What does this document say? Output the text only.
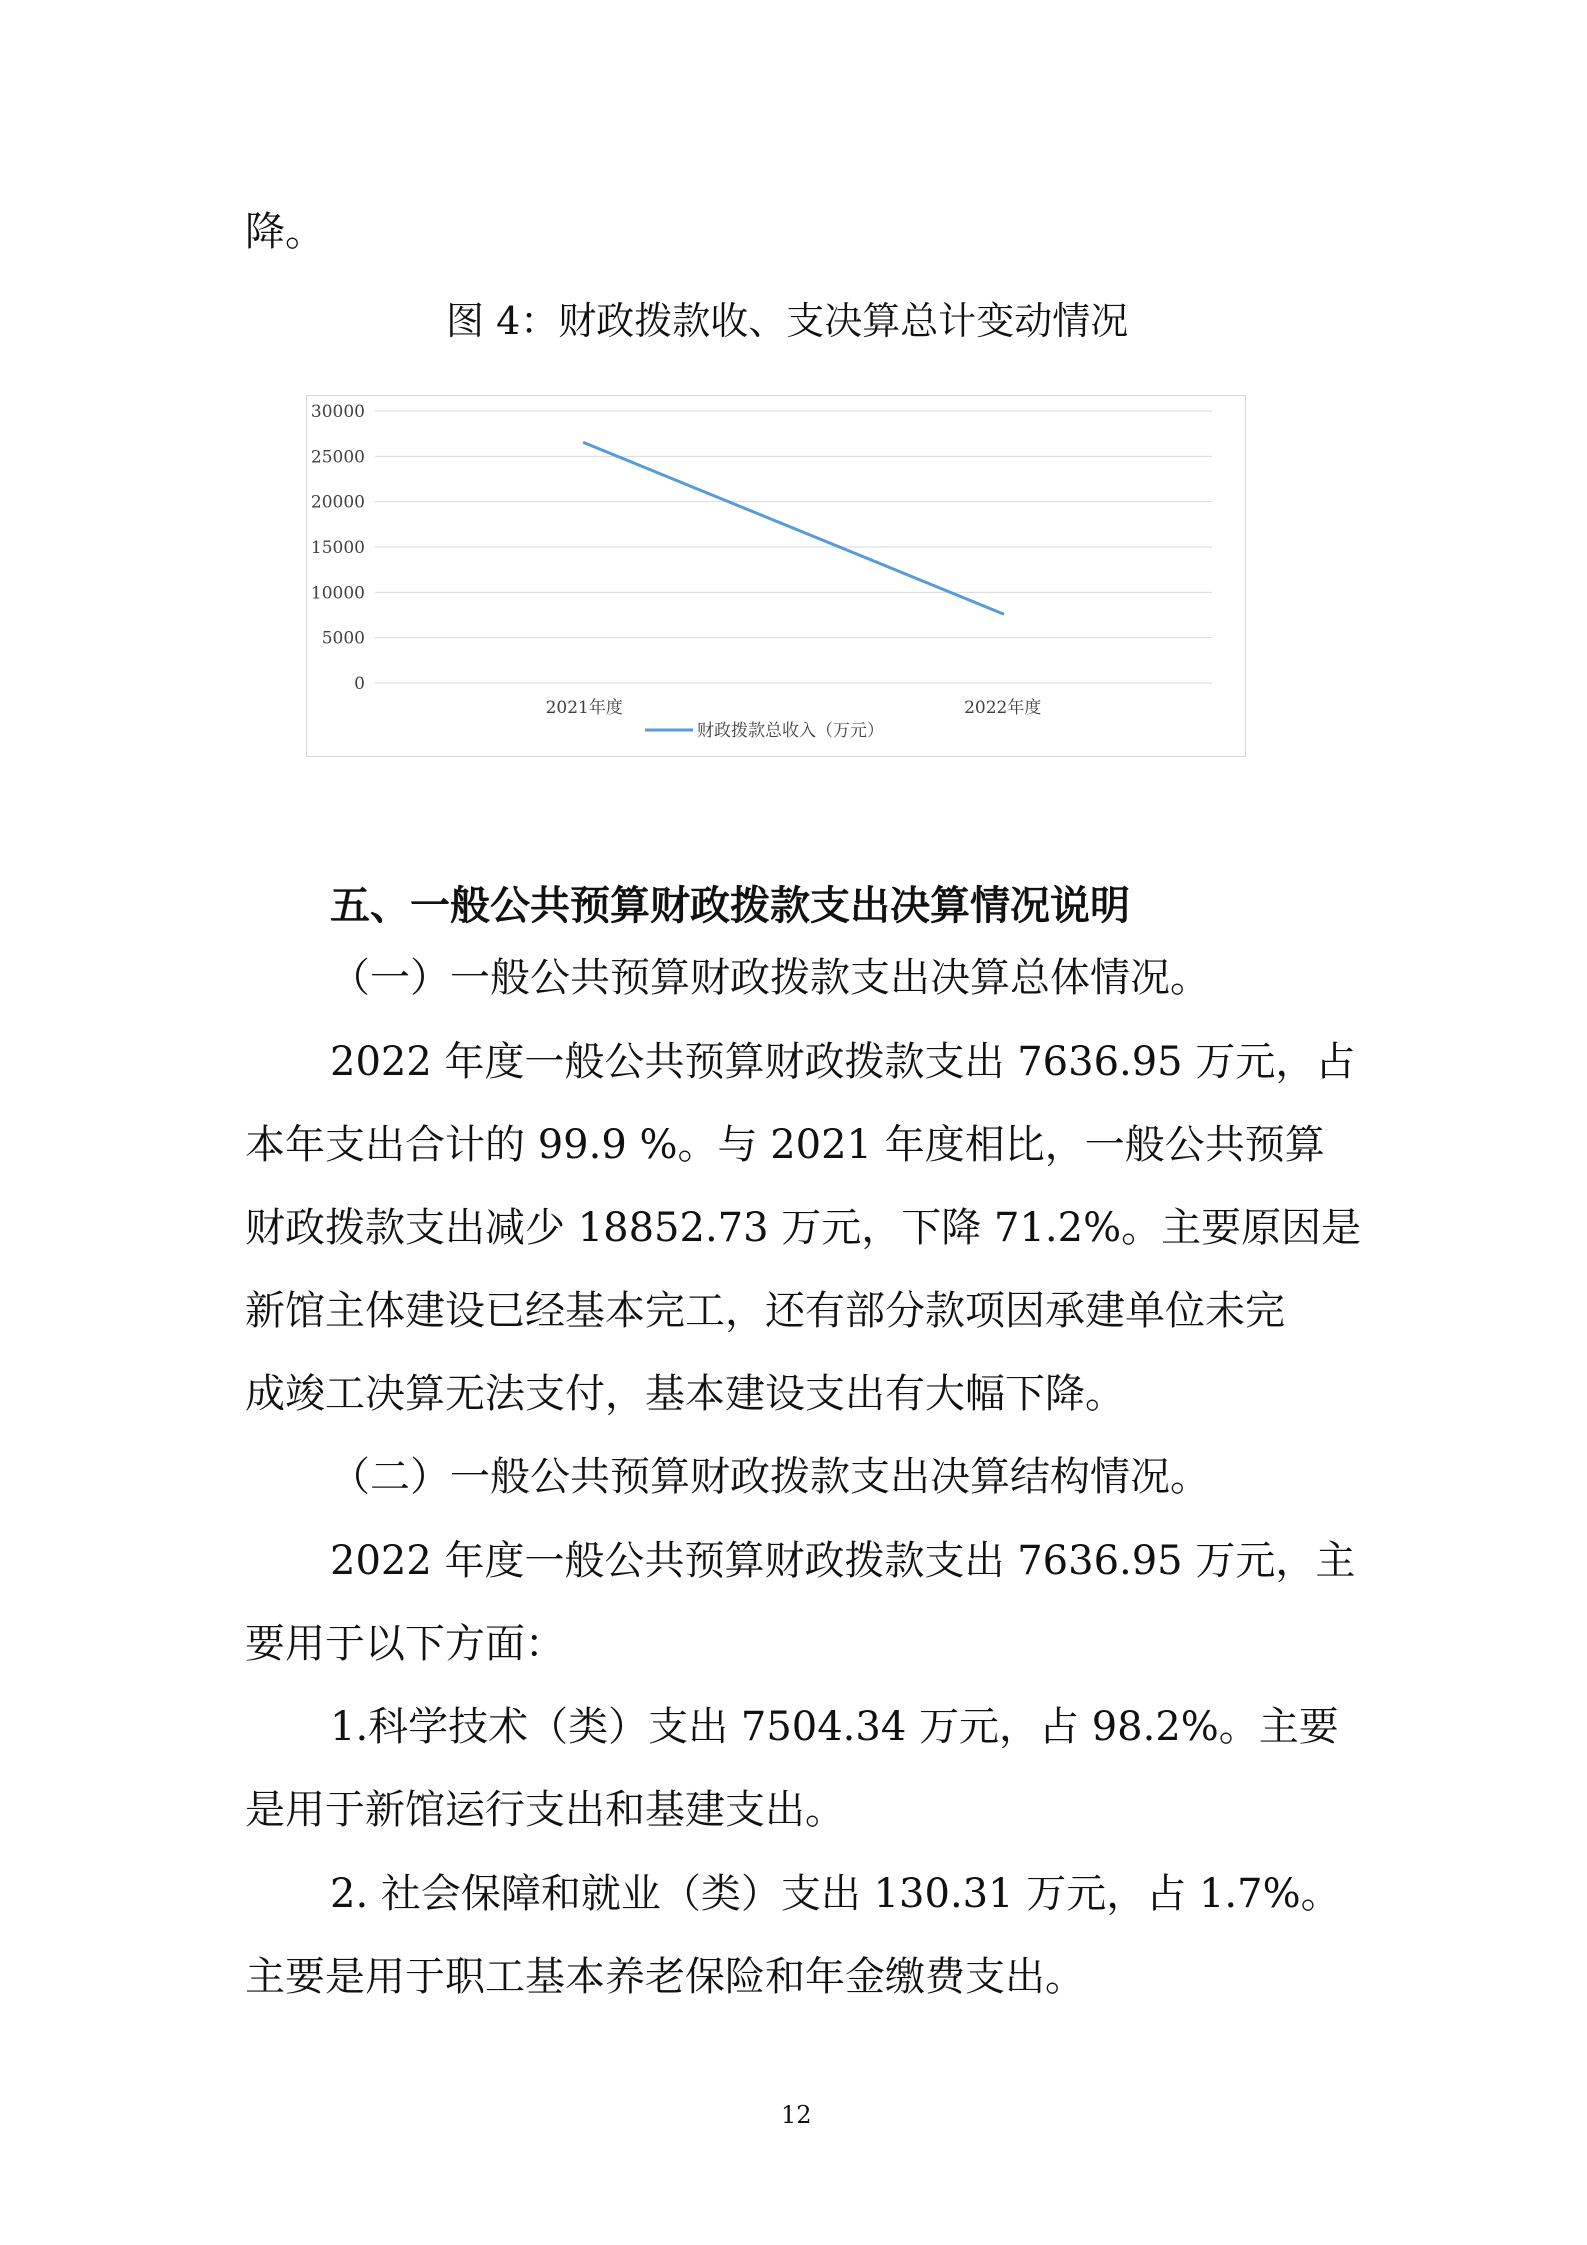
降。

图 4：财政拨款收、支决算总计变动情况

0
5000
10000
15000
20000
25000
30000
2021年度	2022年度
财政拨款总收入（万元）

五、一般公共预算财政拨款支出决算情况说明

（一）一般公共预算财政拨款支出决算总体情况。

2022 年度一般公共预算财政拨款支出 7636.95 万元，占

本年支出合计的 99.9 %。与 2021 年度相比，一般公共预算

财政拨款支出减少 18852.73 万元，下降 71.2%。主要原因是

新馆主体建设已经基本完工，还有部分款项因承建单位未完

成竣工决算无法支付，基本建设支出有大幅下降。

（二）一般公共预算财政拨款支出决算结构情况。

2022 年度一般公共预算财政拨款支出 7636.95 万元，主

要用于以下方面：

1.科学技术（类）支出 7504.34 万元，占 98.2%。主要

是用于新馆运行支出和基建支出。

2. 社会保障和就业（类）支出 130.31 万元，占 1.7%。

主要是用于职工基本养老保险和年金缴费支出。

12
